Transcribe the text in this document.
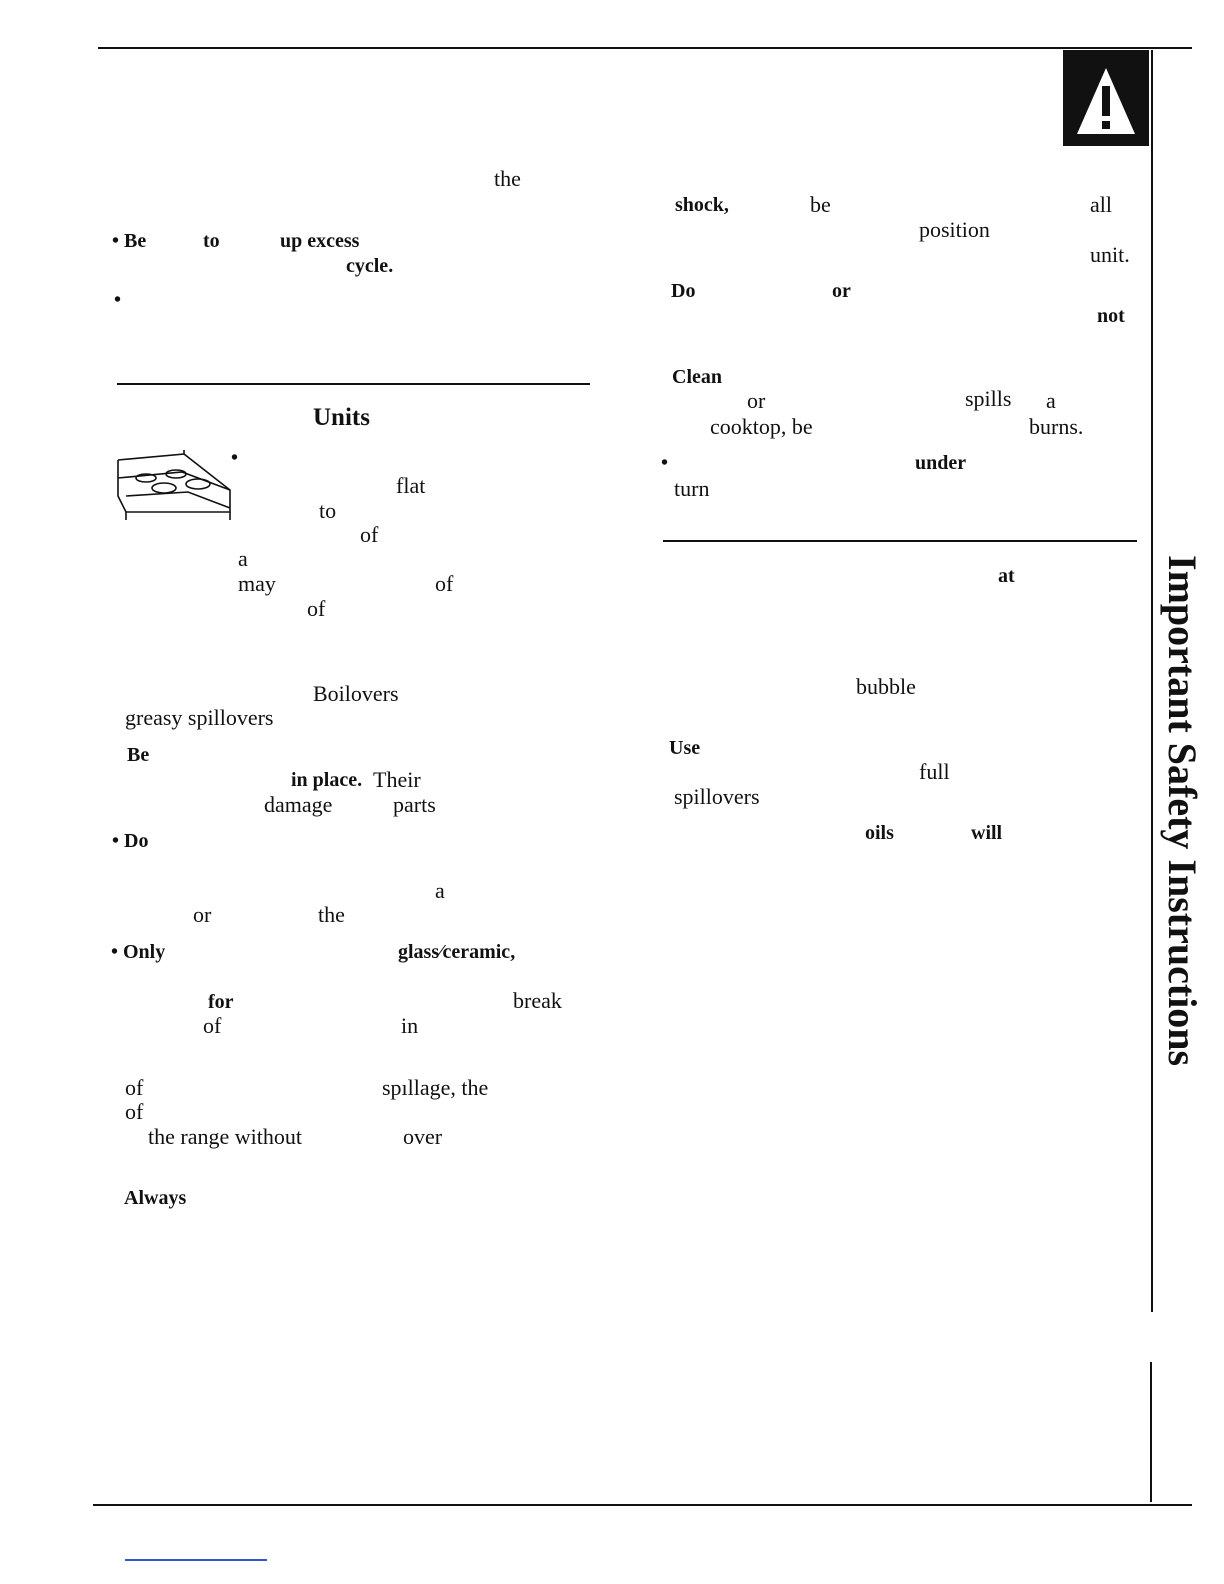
Important Safety Instructions
the
• Be	to	up excess
cycle.
•
Units
•
flat
to
of
a
may	of
of
Boilovers
greasy spillovers
Be
in place. Their
damage	parts
• Do
a
or	the
• Only	glass⁄ceramic,
for	break
of	in
of	spıllage, the
of
the range without	over
Always
shock,	be	all
position
unit.
Do	or
not
Clean
or	spills a
cooktop, be	burns.
•	under
turn
at
bubble
Use
full
spillovers
oils	will
